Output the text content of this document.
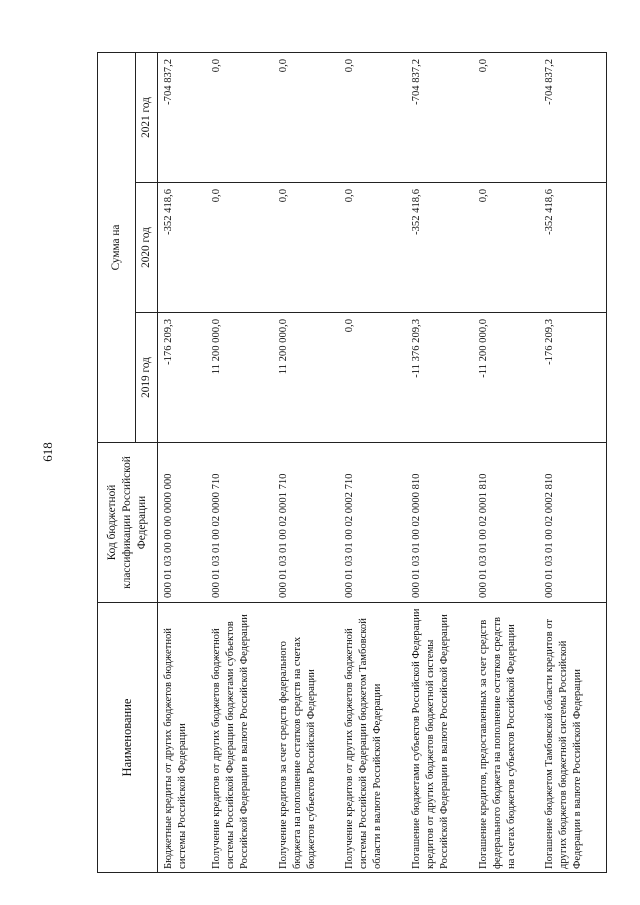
618
Наименование	Код бюджетной классификации Российской Федерации	Сумма на		
		2019 год	2020 год	2021 год
Бюджетные кредиты от других бюджетов бюджетной системы Российской Федерации	000 01 03 00 00 00 0000 000	-176 209,3	-352 418,6	-704 837,2
Получение кредитов от других бюджетов бюджетной системы Российской Федерации бюджетами субъектов Российской Федерации в валюте Российской Федерации	000 01 03 01 00 02 0000 710	11 200 000,0	0,0	0,0
Получение кредитов за счет средств федерального бюджета на пополнение остатков средств на счетах бюджетов субъектов Российской Федерации	000 01 03 01 00 02 0001 710	11 200 000,0	0,0	0,0
Получение кредитов от других бюджетов бюджетной системы Российской Федерации бюджетом Тамбовской области в валюте Российской Федерации	000 01 03 01 00 02 0002 710	0,0	0,0	0,0
Погашение бюджетами субъектов Российской Федерации кредитов от других бюджетов бюджетной системы Российской Федерации в валюте Российской Федерации	000 01 03 01 00 02 0000 810	-11 376 209,3	-352 418,6	-704 837,2
Погашение кредитов, предоставленных за счет средств федерального бюджета на пополнение остатков средств на счетах бюджетов субъектов Российской Федерации	000 01 03 01 00 02 0001 810	-11 200 000,0	0,0	0,0
Погашение бюджетом Тамбовской области кредитов от других бюджетов бюджетной системы Российской Федерации в валюте Российской Федерации	000 01 03 01 00 02 0002 810	-176 209,3	-352 418,6	-704 837,2
